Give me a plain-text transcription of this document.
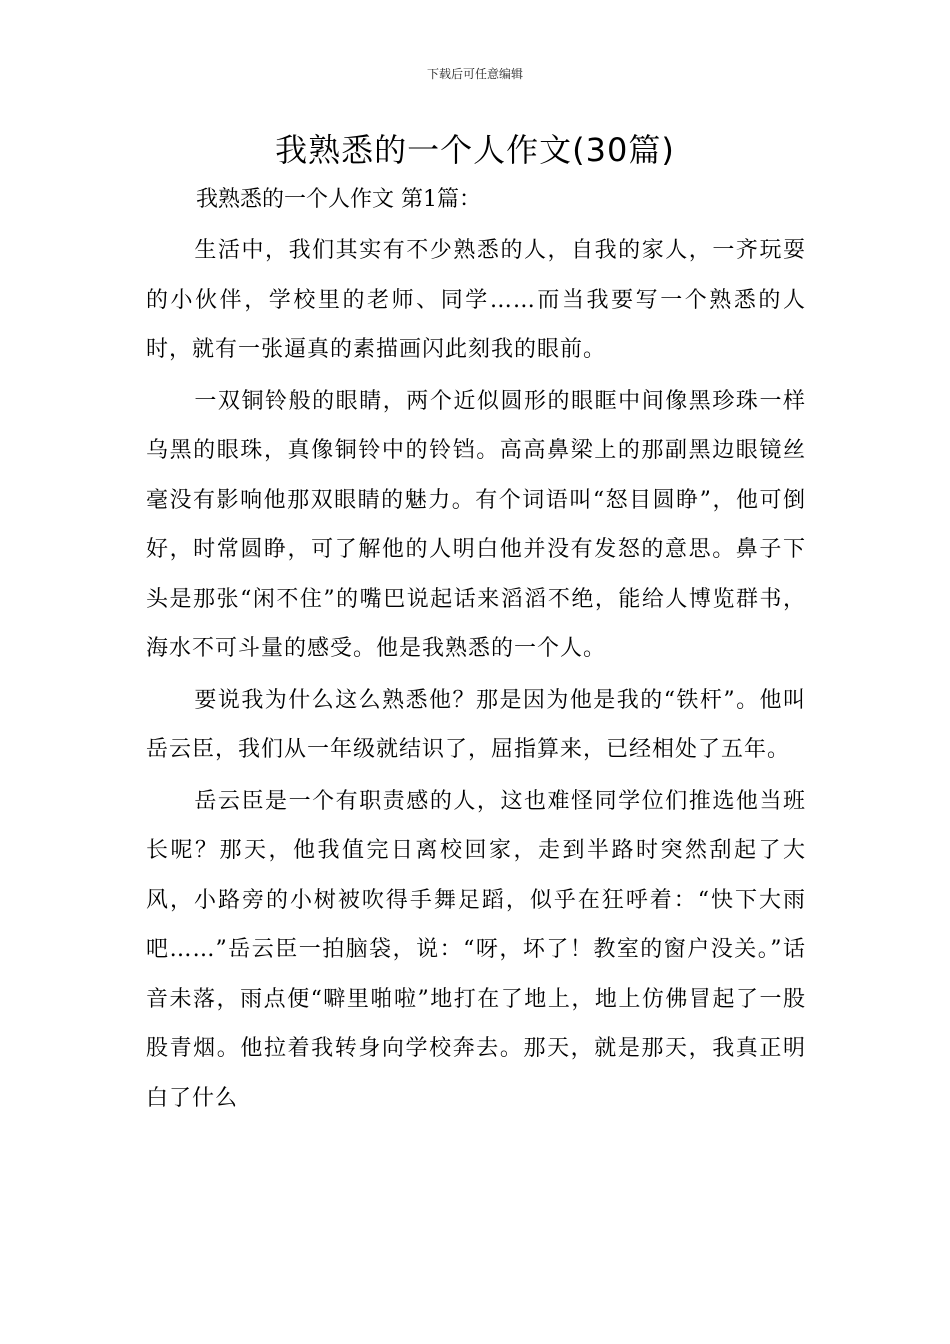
下载后可任意编辑
我熟悉的一个人作文(30篇)
我熟悉的一个人作文 第1篇：

生活中，我们其实有不少熟悉的人，自我的家人，一齐玩耍的小伙伴，学校里的老师、同学……而当我要写一个熟悉的人时，就有一张逼真的素描画闪此刻我的眼前。

一双铜铃般的眼睛，两个近似圆形的眼眶中间像黑珍珠一样乌黑的眼珠，真像铜铃中的铃铛。高高鼻梁上的那副黑边眼镜丝毫没有影响他那双眼睛的魅力。有个词语叫“怒目圆睁”，他可倒好，时常圆睁，可了解他的人明白他并没有发怒的意思。鼻子下头是那张“闲不住”的嘴巴说起话来滔滔不绝，能给人博览群书，海水不可斗量的感受。他是我熟悉的一个人。

要说我为什么这么熟悉他？那是因为他是我的“铁杆”。他叫岳云臣，我们从一年级就结识了，屈指算来，已经相处了五年。

岳云臣是一个有职责感的人，这也难怪同学位们推选他当班长呢？那天，他我值完日离校回家，走到半路时突然刮起了大风，小路旁的小树被吹得手舞足蹈，似乎在狂呼着：“快下大雨吧……”岳云臣一拍脑袋，说：“呀，坏了！教室的窗户没关。”话音未落，雨点便“噼里啪啦”地打在了地上，地上仿佛冒起了一股股青烟。他拉着我转身向学校奔去。那天，就是那天，我真正明白了什么
